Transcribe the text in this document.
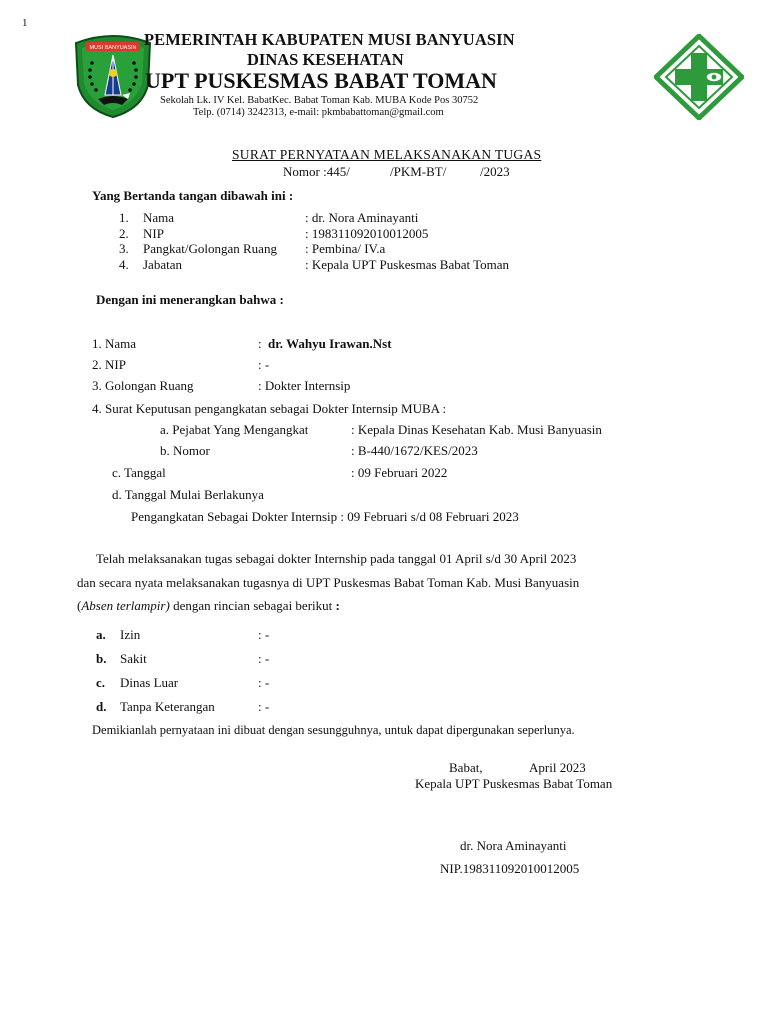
1
MUSI BANYUASIN PEMERINTAH KABUPATEN MUSI BANYUASIN
DINAS KESEHATAN
UPT PUSKESMAS BABAT TOMAN
Sekolah Lk. IV Kel. BabatKec. Babat Toman Kab. MUBA Kode Pos 30752
Telp. (0714) 3242313, e-mail: pkmbabattoman@gmail.com
SURAT PERNYATAAN MELAKSANAKAN TUGAS
Nomor :445/	/PKM-BT/	/2023
Yang Bertanda tangan dibawah ini :
1.	Nama	: dr. Nora Aminayanti
2.	NIP	: 198311092010012005
3.	Pangkat/Golongan Ruang	: Pembina/ IV.a
4.	Jabatan	: Kepala UPT Puskesmas Babat Toman
Dengan ini menerangkan bahwa :
1. Nama	: dr. Wahyu Irawan.Nst
2. NIP	: -
3. Golongan Ruang	: Dokter Internsip
4. Surat Keputusan pengangkatan sebagai Dokter Internsip MUBA :
a. Pejabat Yang Mengangkat	: Kepala Dinas Kesehatan Kab. Musi Banyuasin
b. Nomor	: B-440/1672/KES/2023
c. Tanggal	: 09 Februari 2022
d. Tanggal Mulai Berlakunya
Pengangkatan Sebagai Dokter Internsip : 09 Februari s/d 08 Februari 2023
Telah melaksanakan tugas sebagai dokter Internship pada tanggal 01 April s/d 30 April 2023
dan secara nyata melaksanakan tugasnya di UPT Puskesmas Babat Toman Kab. Musi Banyuasin
(Absen terlampir) dengan rincian sebagai berikut :
a. Izin	: -
b. Sakit	: -
c. Dinas Luar	: -
d. Tanpa Keterangan	: -
Demikianlah pernyataan ini dibuat dengan sesungguhnya, untuk dapat dipergunakan seperlunya.
Babat,	April 2023
Kepala UPT Puskesmas Babat Toman
dr. Nora Aminayanti
NIP.198311092010012005
